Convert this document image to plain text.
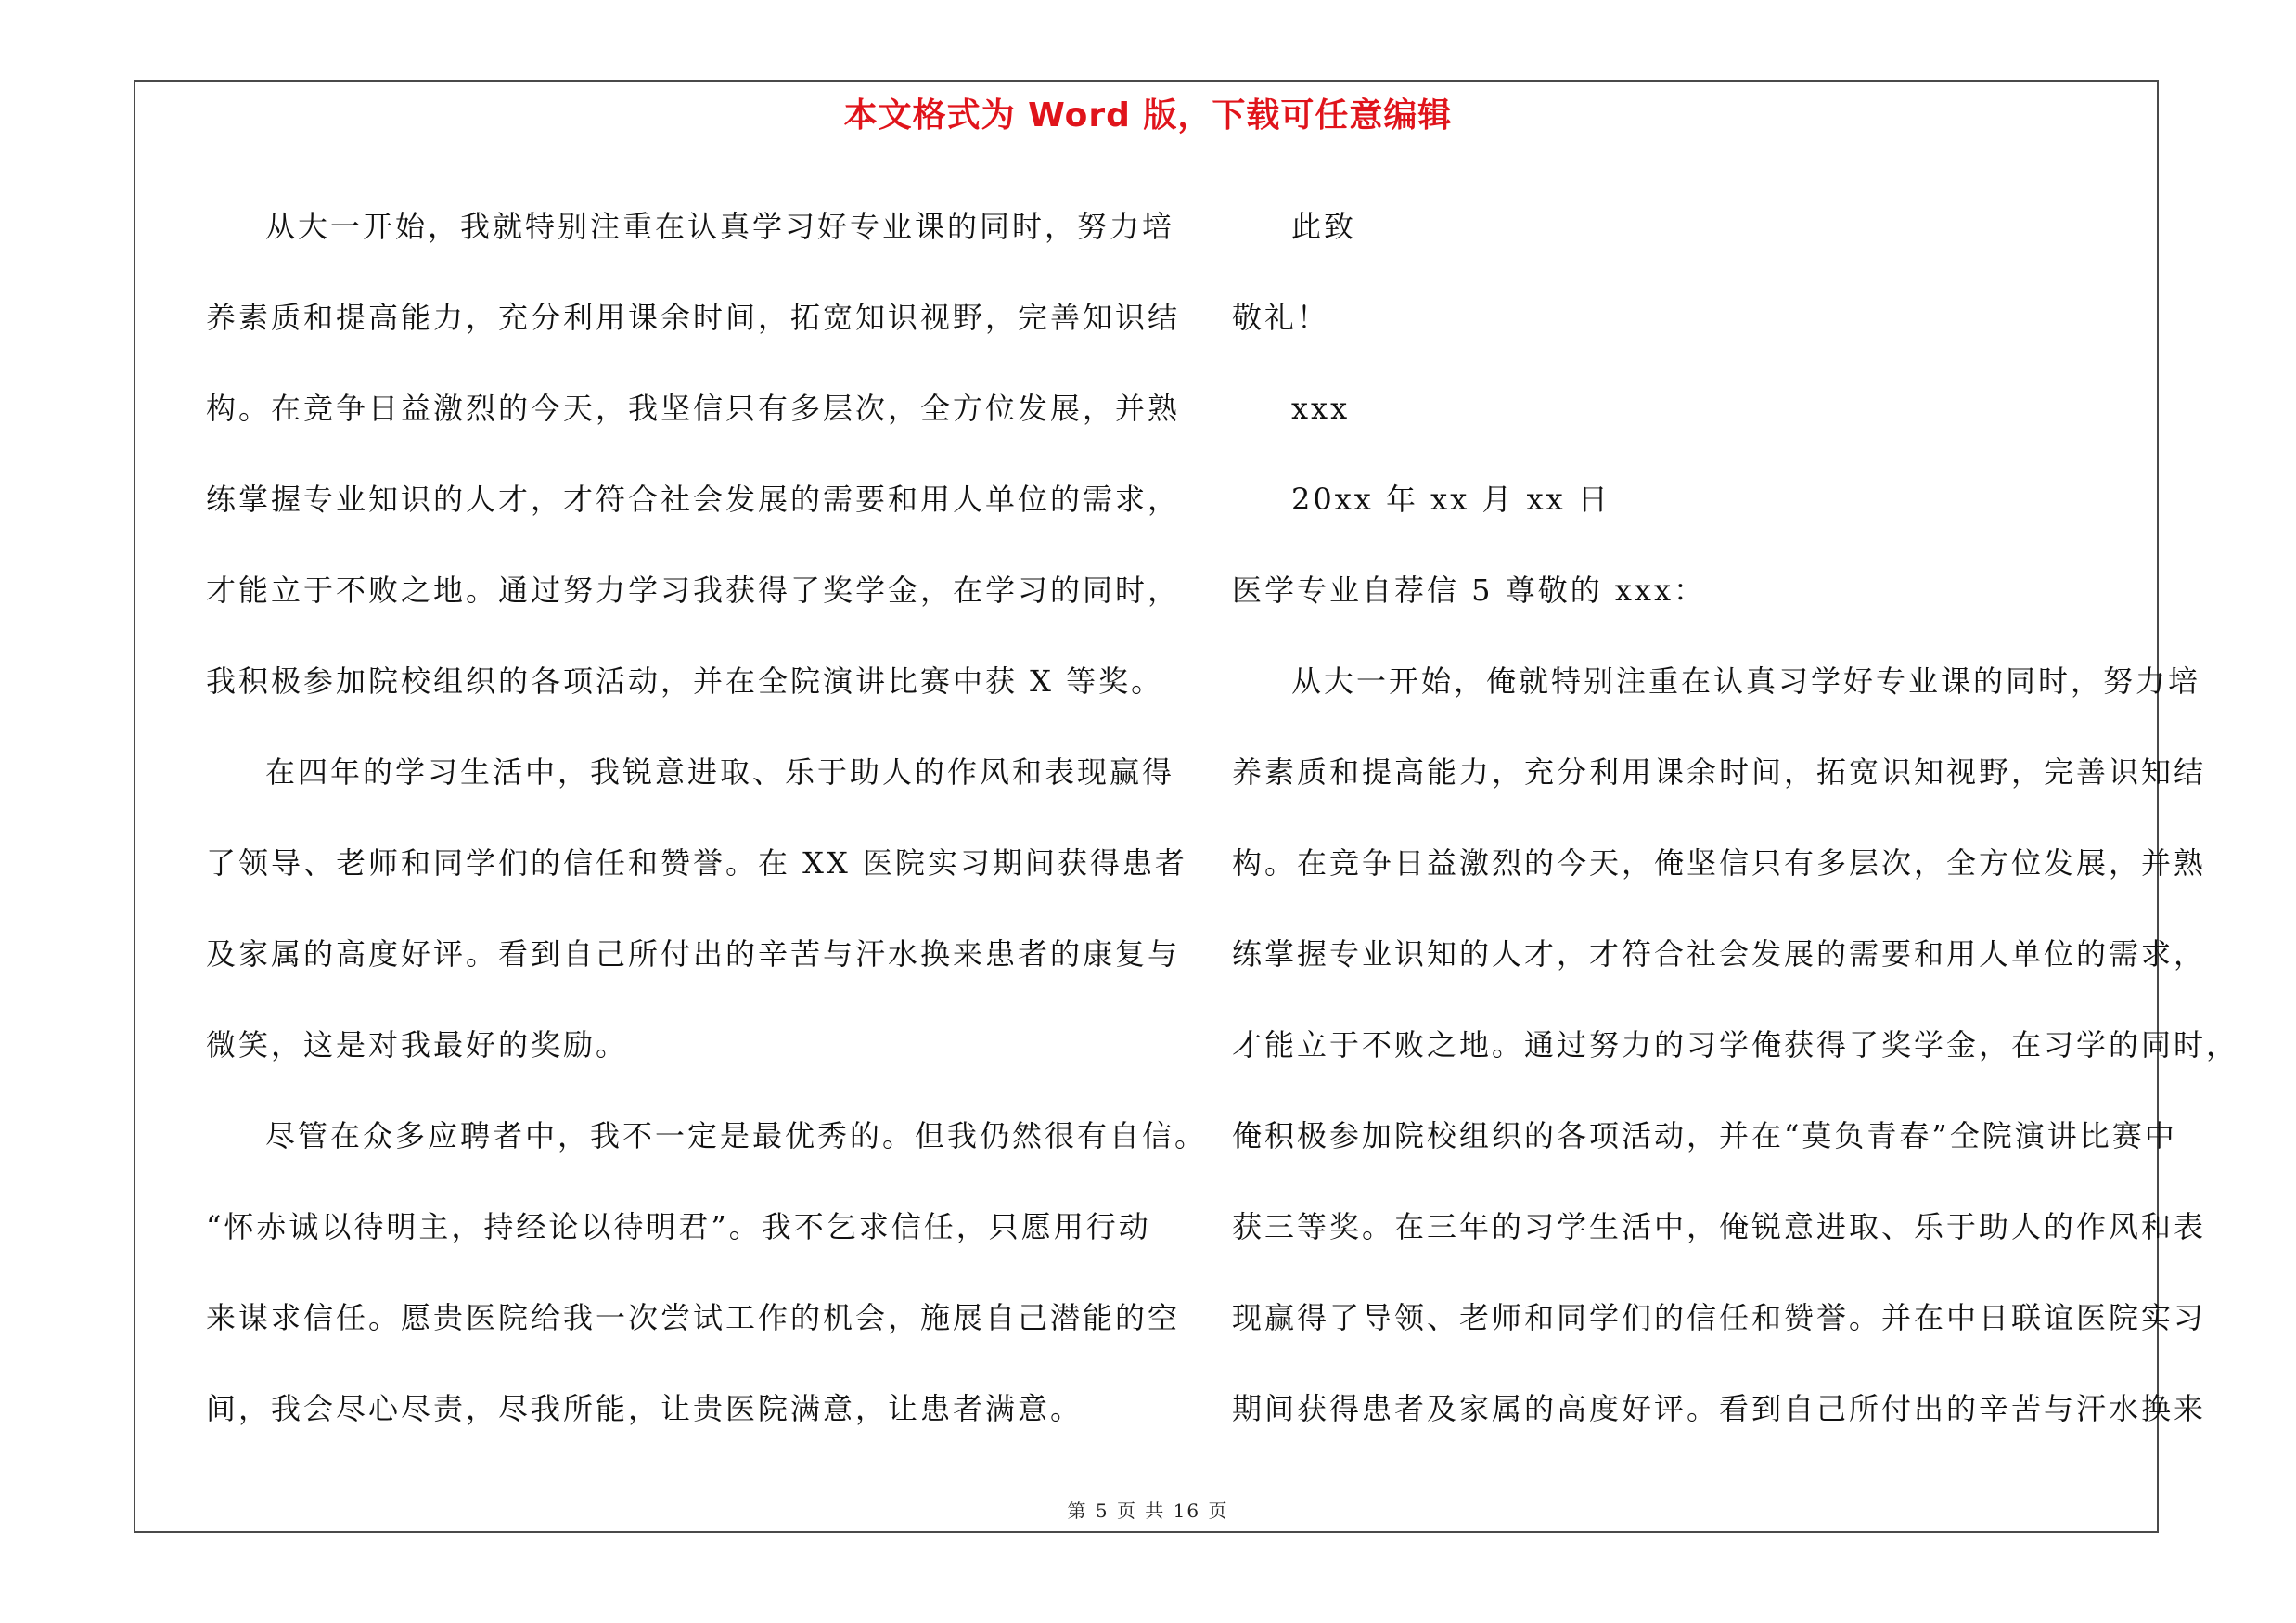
本文格式为 Word 版，下载可任意编辑
从大一开始，我就特别注重在认真学习好专业课的同时，努力培
养素质和提高能力，充分利用课余时间，拓宽知识视野，完善知识结
构。在竞争日益激烈的今天，我坚信只有多层次，全方位发展，并熟
练掌握专业知识的人才，才符合社会发展的需要和用人单位的需求，
才能立于不败之地。通过努力学习我获得了奖学金，在学习的同时，
我积极参加院校组织的各项活动，并在全院演讲比赛中获 X 等奖。
在四年的学习生活中，我锐意进取、乐于助人的作风和表现赢得
了领导、老师和同学们的信任和赞誉。在 XX 医院实习期间获得患者
及家属的高度好评。看到自己所付出的辛苦与汗水换来患者的康复与
微笑，这是对我最好的奖励。
尽管在众多应聘者中，我不一定是最优秀的。但我仍然很有自信。
“怀赤诚以待明主，持经论以待明君”。我不乞求信任，只愿用行动
来谋求信任。愿贵医院给我一次尝试工作的机会，施展自己潜能的空
间，我会尽心尽责，尽我所能，让贵医院满意，让患者满意。
此致
敬礼！
xxx
20xx 年 xx 月 xx 日
医学专业自荐信 5 尊敬的 xxx：
从大一开始，俺就特别注重在认真习学好专业课的同时，努力培
养素质和提高能力，充分利用课余时间，拓宽识知视野，完善识知结
构。在竞争日益激烈的今天，俺坚信只有多层次，全方位发展，并熟
练掌握专业识知的人才，才符合社会发展的需要和用人单位的需求，
才能立于不败之地。通过努力的习学俺获得了奖学金，在习学的同时，
俺积极参加院校组织的各项活动，并在“莫负青春”全院演讲比赛中
获三等奖。在三年的习学生活中，俺锐意进取、乐于助人的作风和表
现赢得了导领、老师和同学们的信任和赞誉。并在中日联谊医院实习
期间获得患者及家属的高度好评。看到自己所付出的辛苦与汗水换来
第 5 页 共 16 页
